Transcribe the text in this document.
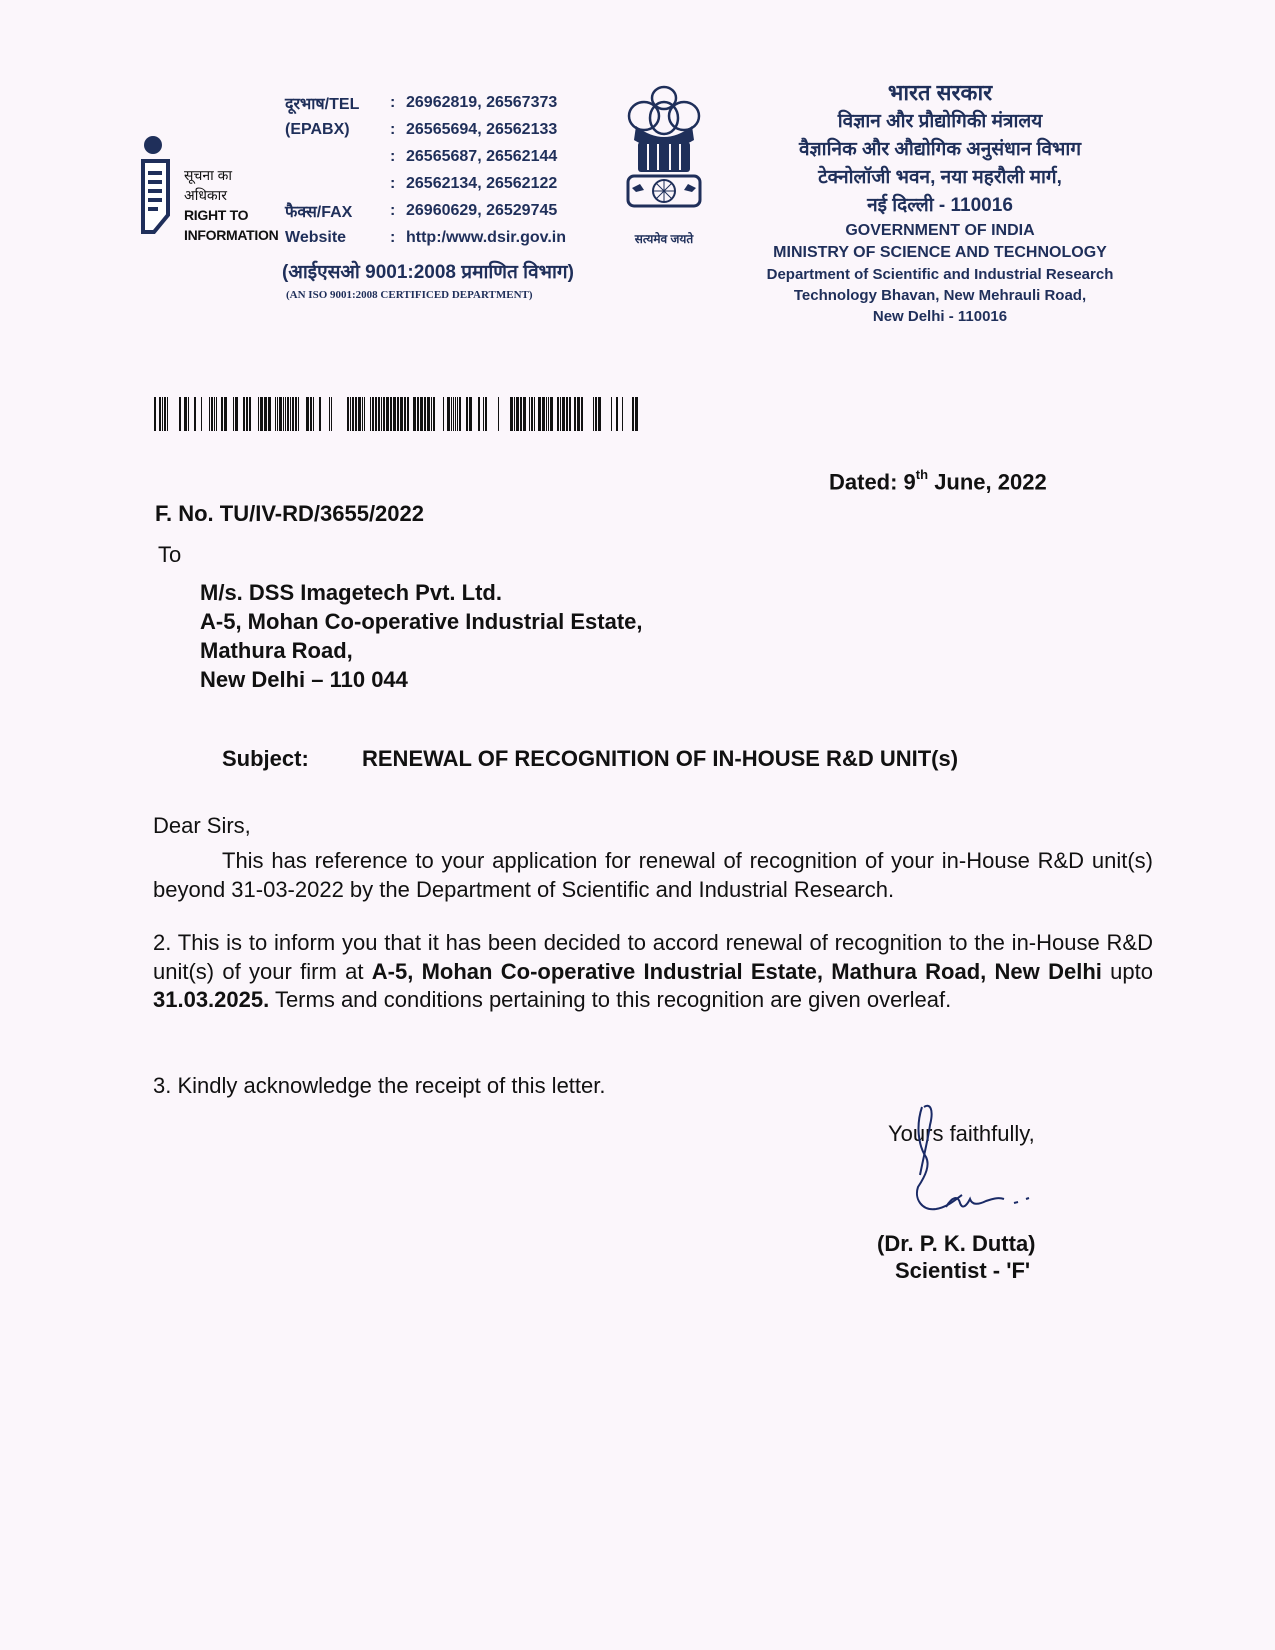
सूचना का
अधिकार
RIGHT TO
INFORMATION
दूरभाष/TEL	: 26962819, 26567373
(EPABX)	: 26565694, 26562133
: 26565687, 26562144
: 26562134, 26562122
फैक्स/FAX	: 26960629, 26529745
Website	: http:/www.dsir.gov.in
(आईएसओ 9001:2008 प्रमाणित विभाग)
(AN ISO 9001:2008 CERTIFICED DEPARTMENT)
सत्यमेव जयते
भारत सरकार
विज्ञान और प्रौद्योगिकी मंत्रालय
वैज्ञानिक और औद्योगिक अनुसंधान विभाग
टेक्नोलॉजी भवन, नया महरौली मार्ग,
नई दिल्ली - 110016
GOVERNMENT OF INDIA
MINISTRY OF SCIENCE AND TECHNOLOGY
Department of Scientific and Industrial Research
Technology Bhavan, New Mehrauli Road,
New Delhi - 110016
Dated: 9th June, 2022
F. No. TU/IV-RD/3655/2022
To
M/s. DSS Imagetech Pvt. Ltd.
A-5, Mohan Co-operative Industrial Estate,
Mathura Road,
New Delhi – 110 044
Subject: RENEWAL OF RECOGNITION OF IN-HOUSE R&D UNIT(s)
Dear Sirs,
This has reference to your application for renewal of recognition of your in-House R&D unit(s) beyond 31-03-2022 by the Department of Scientific and Industrial Research.
2. This is to inform you that it has been decided to accord renewal of recognition to the in-House R&D unit(s) of your firm at A-5, Mohan Co-operative Industrial Estate, Mathura Road, New Delhi upto 31.03.2025. Terms and conditions pertaining to this recognition are given overleaf.
3. Kindly acknowledge the receipt of this letter.
Yours faithfully,
(Dr. P. K. Dutta)
Scientist - 'F'
